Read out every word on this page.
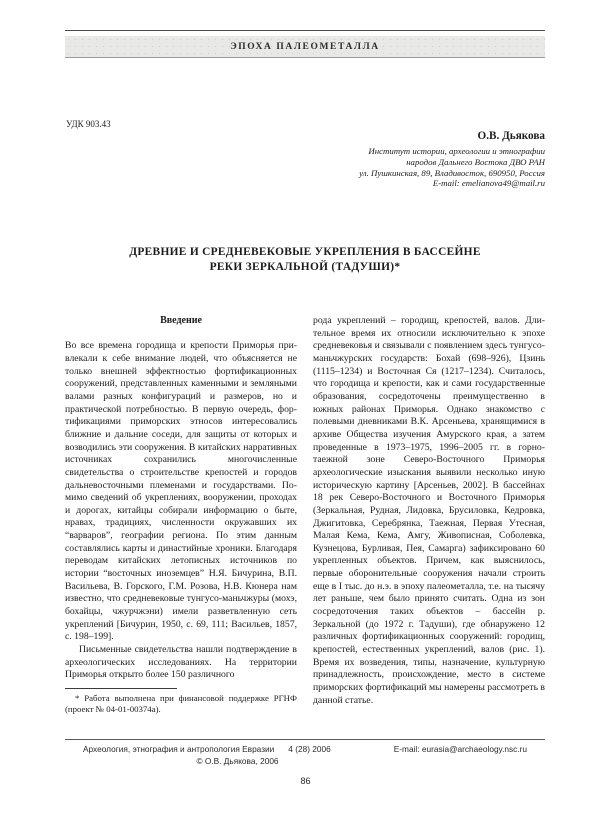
ЭПОХА ПАЛЕОМЕТАЛЛА
УДК 903.43
О.В. Дьякова
Институт истории, археологии и этнографии
народов Дальнего Востока ДВО РАН
ул. Пушкинская, 89, Владивосток, 690950, Россия
E-mail: emelianova49@mail.ru
ДРЕВНИЕ И СРЕДНЕВЕКОВЫЕ УКРЕПЛЕНИЯ В БАССЕЙНЕ
РЕКИ ЗЕРКАЛЬНОЙ (ТАДУШИ)*
Введение

Во все времена городища и крепости Приморья привлекали к себе внимание людей, что объясняется не только внешней эффектностью фортификационных сооружений, представленных каменными и земляными валами разных конфигураций и размеров, но и практической потребностью. В первую очередь, фортификациями приморских этносов интересовались ближние и дальние соседи, для защиты от которых и возводились эти сооружения. В китайских нарративных источниках сохранились многочисленные свидетельства о строительстве крепостей и городов дальневосточными племенами и государствами. Помимо сведений об укреплениях, вооружении, проходах и дорогах, китайцы собирали информацию о быте, нравах, традициях, численности окружавших их “варваров”, географии региона. По этим данным составлялись карты и династийные хроники. Благодаря переводам китайских летописных источников по истории “восточных иноземцев” Н.Я. Бичурина, В.П. Васильева, В. Горского, Г.М. Розова, Н.В. Кюнера нам известно, что средневековые тунгусо-маньчжуры (мохэ, бохайцы, чжурчжэни) имели разветвленную сеть укреплений [Бичурин, 1950, с. 69, 111; Васильев, 1857, с. 198–199].

Письменные свидетельства нашли подтверждение в археологических исследованиях. На территории Приморья открыто более 150 различного

* Работа выполнена при финансовой поддержке РГНФ (проект № 04-01-00374а).

рода укреплений – городищ, крепостей, валов. Длительное время их относили исключительно к эпохе средневековья и связывали с появлением здесь тунгусо-маньчжурских государств: Бохай (698–926), Цзинь (1115–1234) и Восточная Ся (1217–1234). Считалось, что городища и крепости, как и сами государственные образования, сосредоточены преимущественно в южных районах Приморья. Однако знакомство с полевыми дневниками В.К. Арсеньева, хранящимися в архиве Общества изучения Амурского края, а затем проведенные в 1973–1975, 1996–2005 гг. в горно-таежной зоне Северо-Восточного Приморья археологические изыскания выявили несколько иную историческую картину [Арсеньев, 2002]. В бассейнах 18 рек Северо-Восточного и Восточного Приморья (Зеркальная, Рудная, Лидовка, Брусиловка, Кедровка, Джигитовка, Серебрянка, Таежная, Первая Утесная, Малая Кема, Кема, Амгу, Живописная, Соболевка, Кузнецова, Бурливая, Пея, Самарга) зафиксировано 60 укрепленных объектов. Причем, как выяснилось, первые оборонительные сооружения начали строить еще в I тыс. до н.э. в эпоху палеометалла, т.е. на тысячу лет раньше, чем было принято считать. Одна из зон сосредоточения таких объектов – бассейн р. Зеркальной (до 1972 г. Тадуши), где обнаружено 12 различных фортификационных сооружений: городищ, крепостей, естественных укреплений, валов (рис. 1). Время их возведения, типы, назначение, культурную принадлежность, происхождение, место в системе приморских фортификаций мы намерены рассмотреть в данной статье.

Археология, этнография и антропология Евразии 4 (28) 2006	E-mail: eurasia@archaeology.nsc.ru
© О.В. Дьякова, 2006
86
